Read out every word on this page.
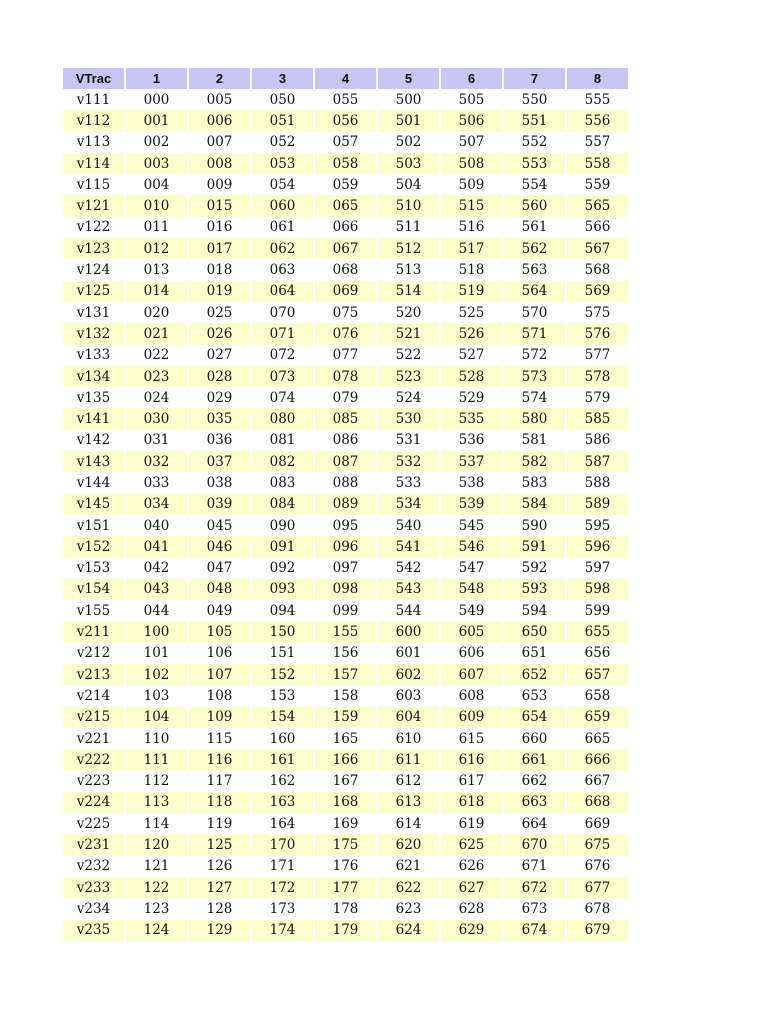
VTrac	1	2	3	4	5	6	7	8
v111	000	005	050	055	500	505	550	555
v112	001	006	051	056	501	506	551	556
v113	002	007	052	057	502	507	552	557
v114	003	008	053	058	503	508	553	558
v115	004	009	054	059	504	509	554	559
v121	010	015	060	065	510	515	560	565
v122	011	016	061	066	511	516	561	566
v123	012	017	062	067	512	517	562	567
v124	013	018	063	068	513	518	563	568
v125	014	019	064	069	514	519	564	569
v131	020	025	070	075	520	525	570	575
v132	021	026	071	076	521	526	571	576
v133	022	027	072	077	522	527	572	577
v134	023	028	073	078	523	528	573	578
v135	024	029	074	079	524	529	574	579
v141	030	035	080	085	530	535	580	585
v142	031	036	081	086	531	536	581	586
v143	032	037	082	087	532	537	582	587
v144	033	038	083	088	533	538	583	588
v145	034	039	084	089	534	539	584	589
v151	040	045	090	095	540	545	590	595
v152	041	046	091	096	541	546	591	596
v153	042	047	092	097	542	547	592	597
v154	043	048	093	098	543	548	593	598
v155	044	049	094	099	544	549	594	599
v211	100	105	150	155	600	605	650	655
v212	101	106	151	156	601	606	651	656
v213	102	107	152	157	602	607	652	657
v214	103	108	153	158	603	608	653	658
v215	104	109	154	159	604	609	654	659
v221	110	115	160	165	610	615	660	665
v222	111	116	161	166	611	616	661	666
v223	112	117	162	167	612	617	662	667
v224	113	118	163	168	613	618	663	668
v225	114	119	164	169	614	619	664	669
v231	120	125	170	175	620	625	670	675
v232	121	126	171	176	621	626	671	676
v233	122	127	172	177	622	627	672	677
v234	123	128	173	178	623	628	673	678
v235	124	129	174	179	624	629	674	679
